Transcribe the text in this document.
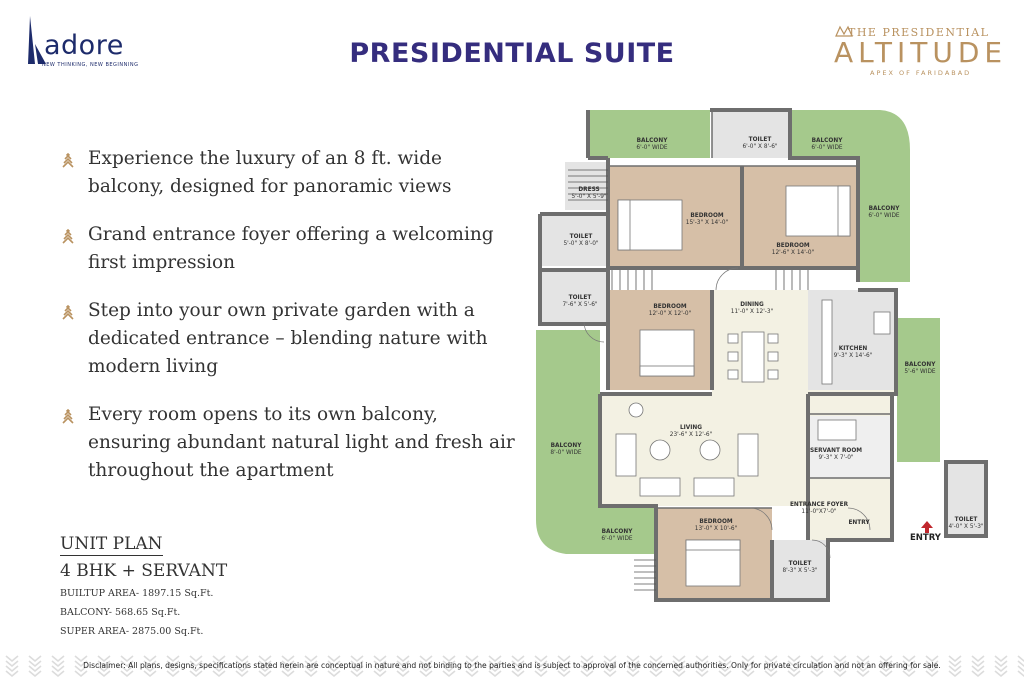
adore
NEW THINKING, NEW BEGINNING	PRESIDENTIAL SUITE
THE PRESIDENTIAL
ALTITUDE
APEX OF FARIDABAD

Experience the luxury of an 8 ft. wide balcony, designed for panoramic views

Grand entrance foyer offering a welcoming first impression

Step into your own private garden with a dedicated entrance – blending nature with modern living

Every room opens to its own balcony, ensuring abundant natural light and fresh air throughout the apartment

UNIT PLAN
4 BHK + SERVANT
BUILTUP AREA- 1897.15 Sq.Ft.
BALCONY- 568.65 Sq.Ft.
SUPER AREA- 2875.00 Sq.Ft.
ENTRY
BALCONY
6'-0" WIDE
BALCONY
6'-0" WIDE
BALCONY
6'-0" WIDE
TOILET
6'-0" X 8'-6"
DRESS
5'-0" X 5'-9"
BEDROOM
15'-3" X 14'-0"
BEDROOM
12'-6" X 14'-0"
TOILET
5'-0" X 8'-0"
TOILET
7'-6" X 5'-6"	BEDROOM
12'-0" X 12'-0"
DINING
11'-0" X 12'-3"
KITCHEN
9'-3" X 14'-6"
BALCONY
5'-6" WIDE
BALCONY
8'-0" WIDE
LIVING
23'-6" X 12'-6"
SERVANT ROOM
9'-3" X 7'-0"
ENTRANCE FOYER
11'-0"X7'-0"
ENTRY
BEDROOM
13'-0" X 10'-6"
BALCONY
6'-0" WIDE
TOILET
8'-3" X 5'-3"
TOILET
4'-0" X 5'-3"
Disclaimer: All plans, designs, specifications stated herein are conceptual in nature and not binding to the parties and is subject to approval of the concerned authorities. Only for private circulation and not an offering for sale.
